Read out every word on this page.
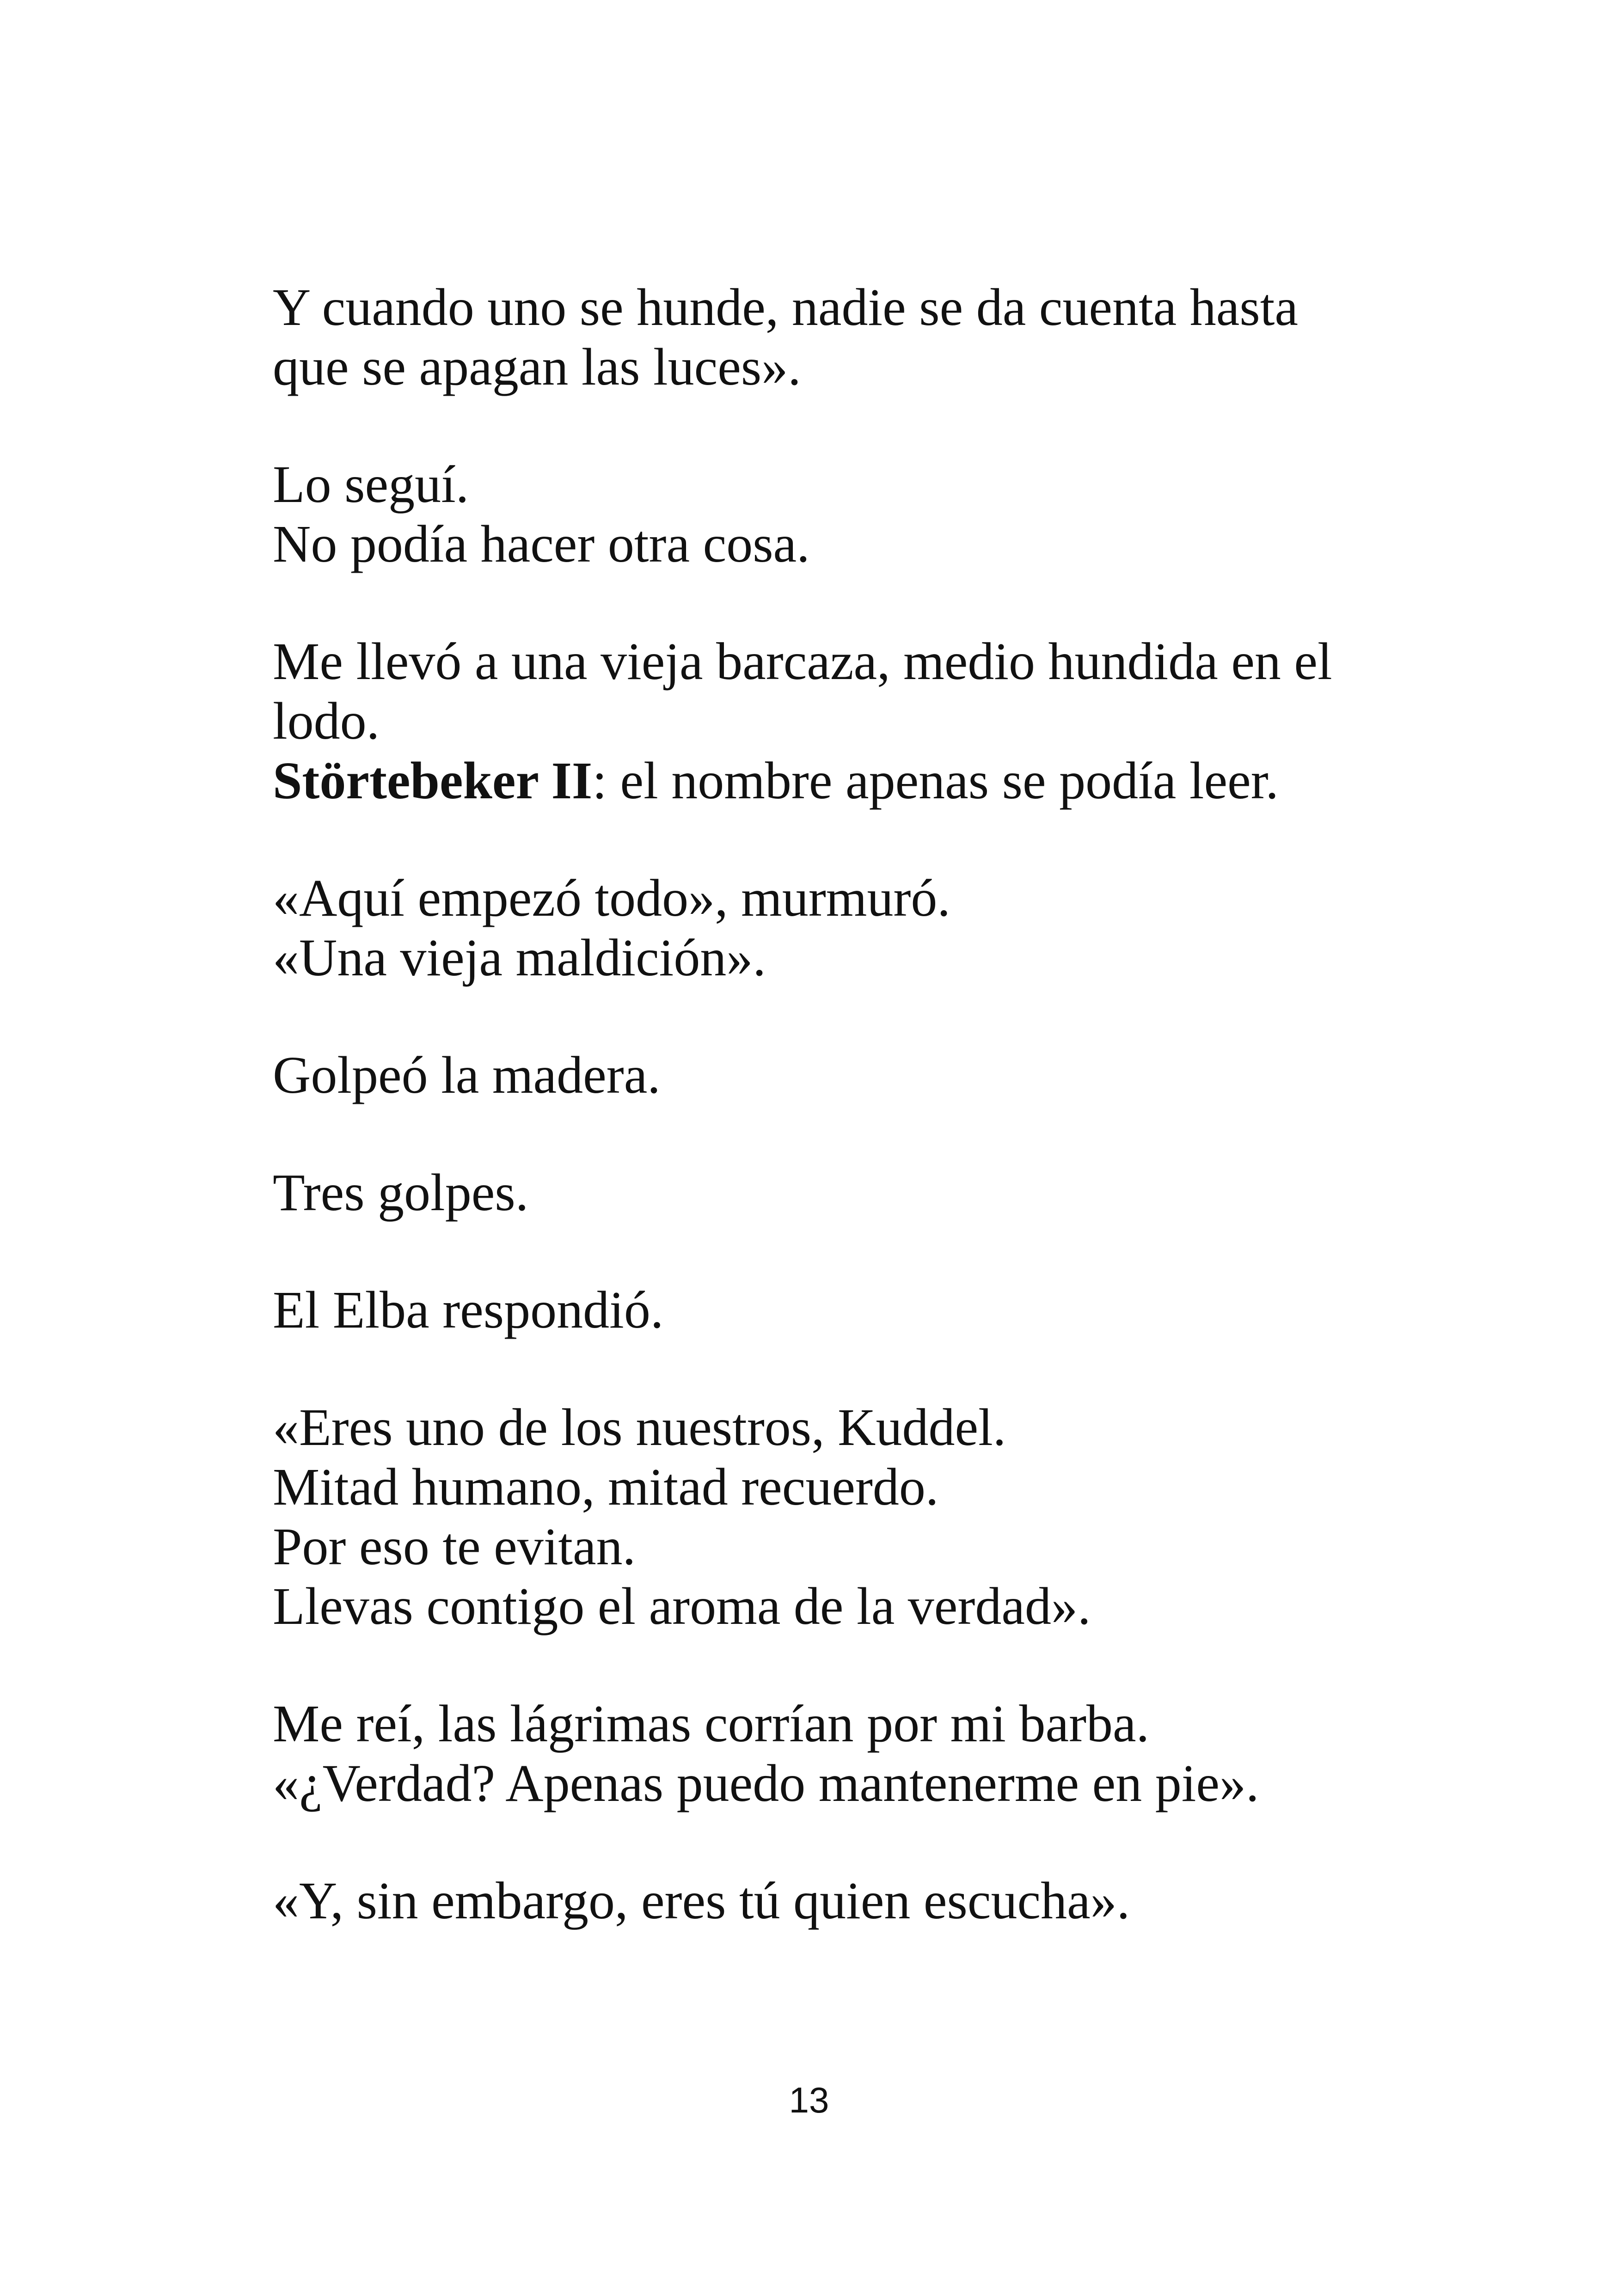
Y cuando uno se hunde, nadie se da cuenta hasta
que se apagan las luces».

Lo seguí.
No podía hacer otra cosa.

Me llevó a una vieja barcaza, medio hundida en el
lodo.
Störtebeker II: el nombre apenas se podía leer.

«Aquí empezó todo», murmuró.
«Una vieja maldición».

Golpeó la madera.

Tres golpes.

El Elba respondió.

«Eres uno de los nuestros, Kuddel.
Mitad humano, mitad recuerdo.
Por eso te evitan.
Llevas contigo el aroma de la verdad».

Me reí, las lágrimas corrían por mi barba.
«¿Verdad? Apenas puedo mantenerme en pie».

«Y, sin embargo, eres tú quien escucha».

13
